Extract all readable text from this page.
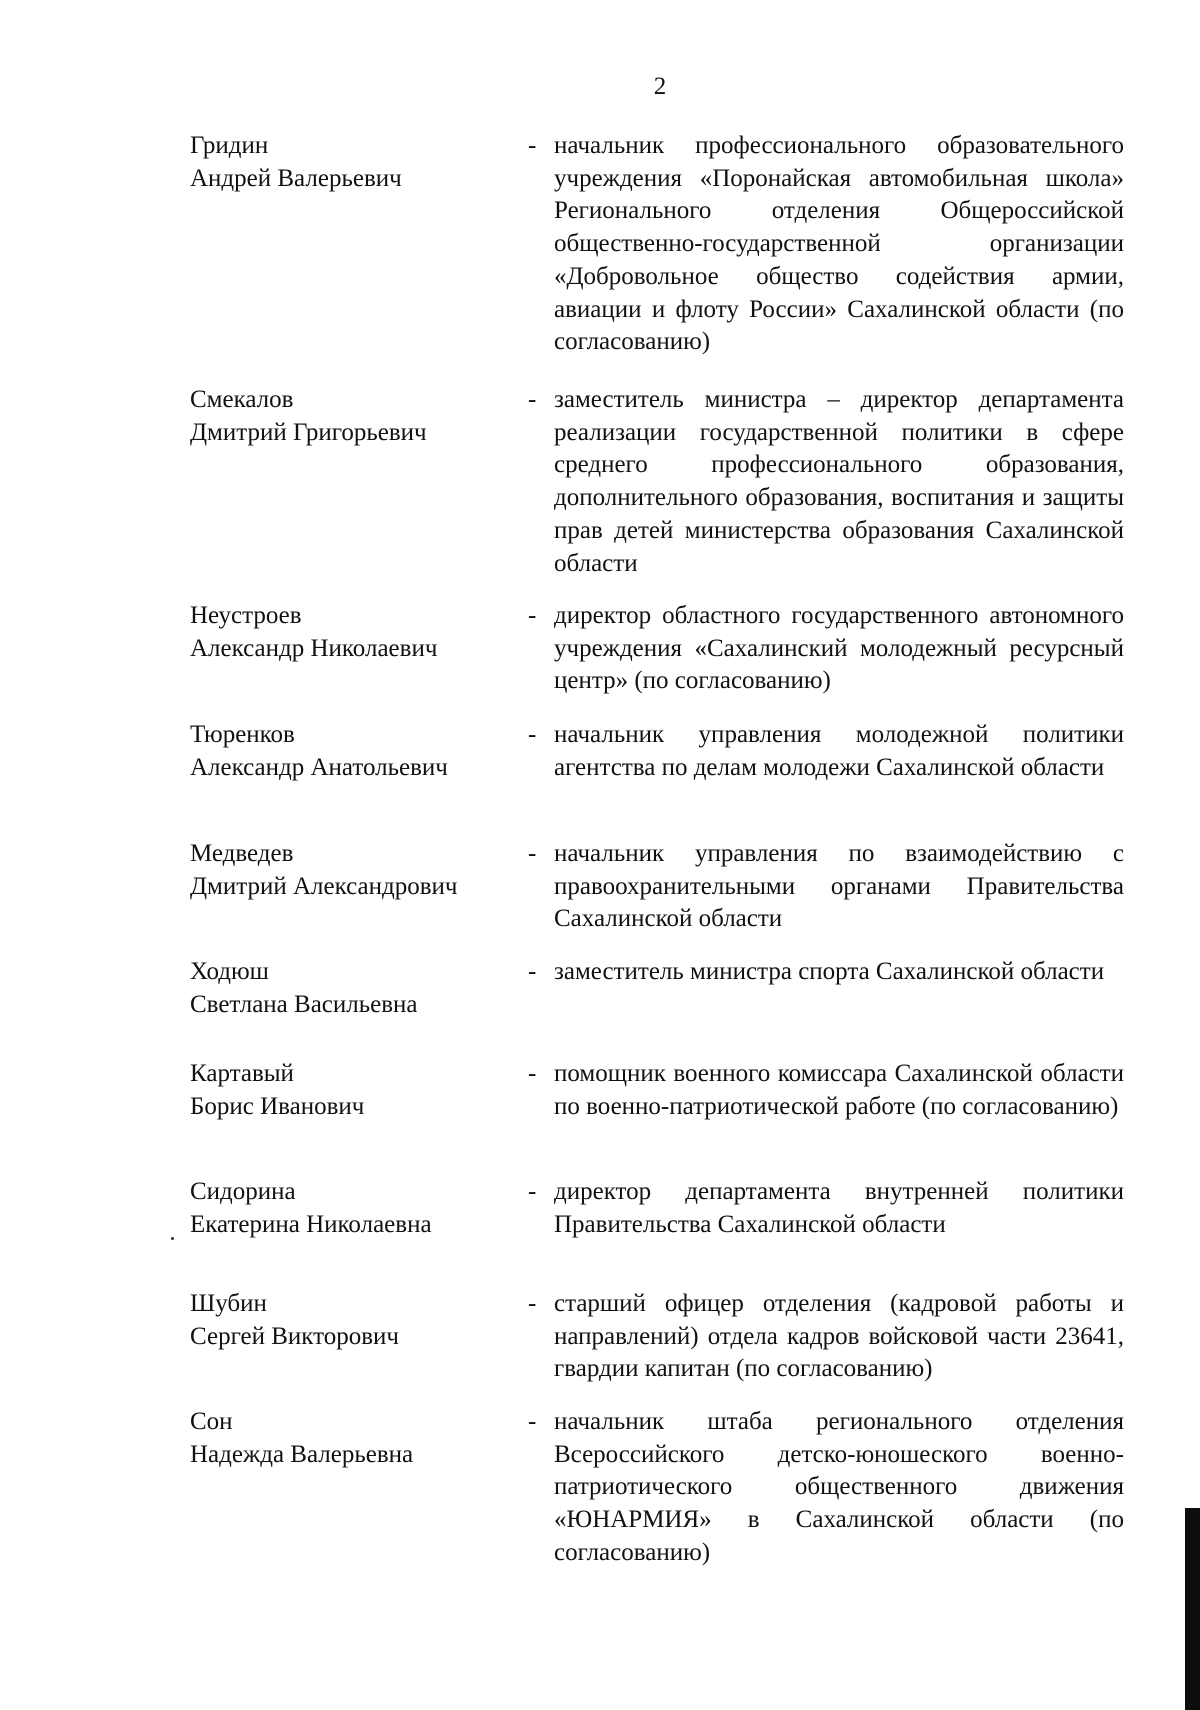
2
Гридин
Андрей Валерьевич
- начальник профессионального образовательного учреждения «Поронайская автомобильная школа» Регионального отделения Общероссийской общественно-государственной организации «Добровольное общество содействия армии, авиации и флоту России» Сахалинской области (по согласованию)
Смекалов
Дмитрий Григорьевич
- заместитель министра – директор департамента реализации государственной политики в сфере среднего профессионального образования, дополнительного образования, воспитания и защиты прав детей министерства образования Сахалинской области
Неустроев
Александр Николаевич
- директор областного государственного автономного учреждения «Сахалинский молодежный ресурсный центр» (по согласованию)
Тюренков
Александр Анатольевич
- начальник управления молодежной политики агентства по делам молодежи Сахалинской области
Медведев
Дмитрий Александрович
- начальник управления по взаимодействию с правоохранительными органами Правительства Сахалинской области
Ходюш
Светлана Васильевна
- заместитель министра спорта Сахалинской области
Картавый
Борис Иванович
- помощник военного комиссара Сахалинской области по военно-патриотической работе (по согласованию)
Сидорина
Екатерина Николаевна
- директор департамента внутренней политики Правительства Сахалинской области
Шубин
Сергей Викторович
- старший офицер отделения (кадровой работы и направлений) отдела кадров войсковой части 23641, гвардии капитан (по согласованию)
Сон
Надежда Валерьевна
- начальник штаба регионального отделения Всероссийского детско-юношеского военно-патриотического общественного движения «ЮНАРМИЯ» в Сахалинской области (по согласованию)
